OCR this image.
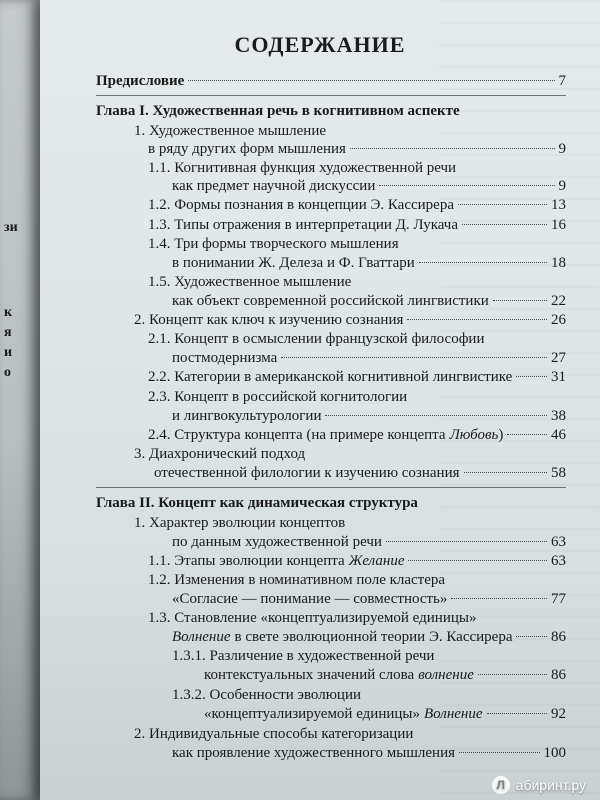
зи
к
я
и
о
СОДЕРЖАНИЕ
Предисловие	7
Глава I. Художественная речь в когнитивном аспекте
1. Художественное мышление
в ряду других форм мышления	9
1.1. Когнитивная функция художественной речи
как предмет научной дискуссии	9
1.2. Формы познания в концепции Э. Кассирера	13
1.3. Типы отражения в интерпретации Д. Лукача	16
1.4. Три формы творческого мышления
в понимании Ж. Делеза и Ф. Гваттари	18
1.5. Художественное мышление
как объект современной российской лингвистики	22
2. Концепт как ключ к изучению сознания	26
2.1. Концепт в осмыслении французской философии
постмодернизма	27
2.2. Категории в американской когнитивной лингвистике	31
2.3. Концепт в российской когнитологии
и лингвокультурологии	38
2.4. Структура концепта (на примере концепта Любовь )	46
3. Диахронический подход
отечественной филологии к изучению сознания	58
Глава II. Концепт как динамическая структура
1. Характер эволюции концептов
по данным художественной речи	63
1.1. Этапы эволюции концепта Желание	63
1.2. Изменения в номинативном поле кластера
«Согласие — понимание — совместность»	77
1.3. Становление «концептуализируемой единицы»
Волнение в свете эволюционной теории Э. Кассирера	86
1.3.1. Различение в художественной речи
контекстуальных значений слова волнение	86
1.3.2. Особенности эволюции
«концептуализируемой единицы» Волнение	92
2. Индивидуальные способы категоризации
как проявление художественного мышления	100
Л абиринт.ру
